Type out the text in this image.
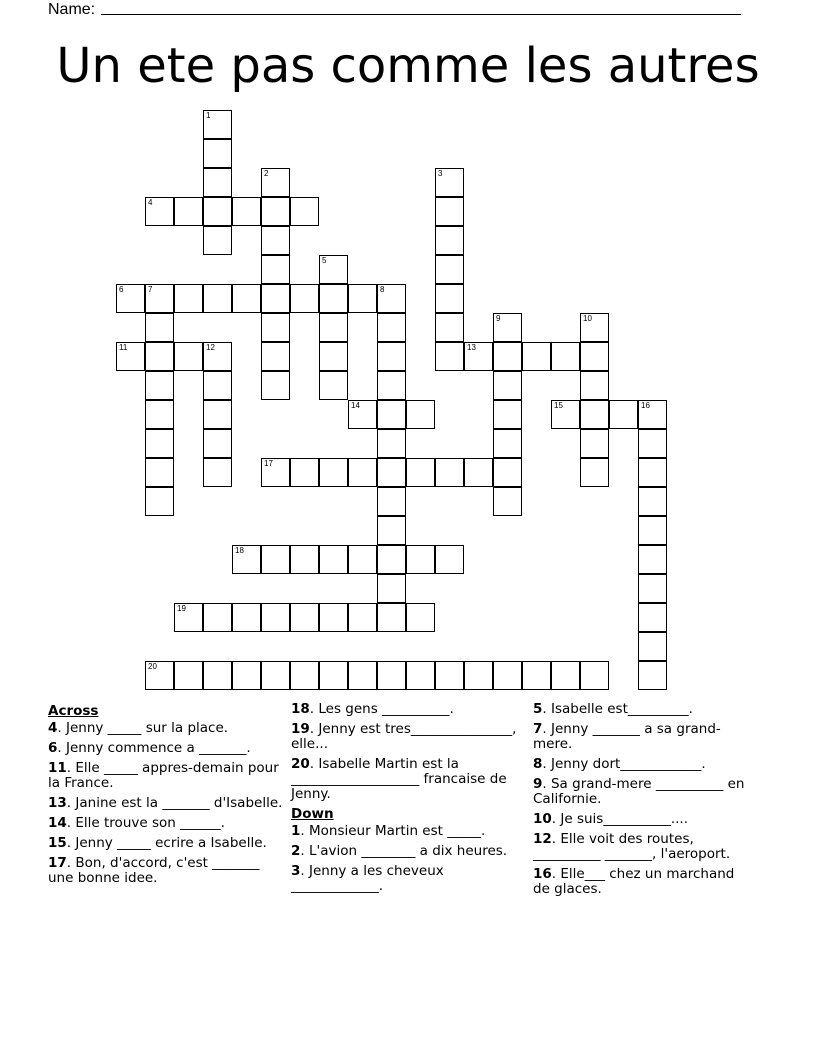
Name:
Un ete pas comme les autres
1
2	3
4
5
6	7	8
9	10
11	12	13
14	15	16
17
18
19
20
Across
4. Jenny _____ sur la place.
6. Jenny commence a _______.
11. Elle _____ appres-demain pour la France.
13. Janine est la _______ d'Isabelle.
14. Elle trouve son ______.
15. Jenny _____ ecrire a Isabelle.
17. Bon, d'accord, c'est _______ une bonne idee.
18. Les gens __________.
19. Jenny est tres_______________, elle...
20. Isabelle Martin est la ___________________ francaise de Jenny.
Down
1. Monsieur Martin est _____.
2. L'avion ________ a dix heures.
3. Jenny a les cheveux _____________.
5. Isabelle est_________.
7. Jenny _______ a sa grand-mere.
8. Jenny dort____________.
9. Sa grand-mere __________ en Californie.
10. Je suis__________....
12. Elle voit des routes, __________ _______, l'aeroport.
16. Elle___ chez un marchand de glaces.
